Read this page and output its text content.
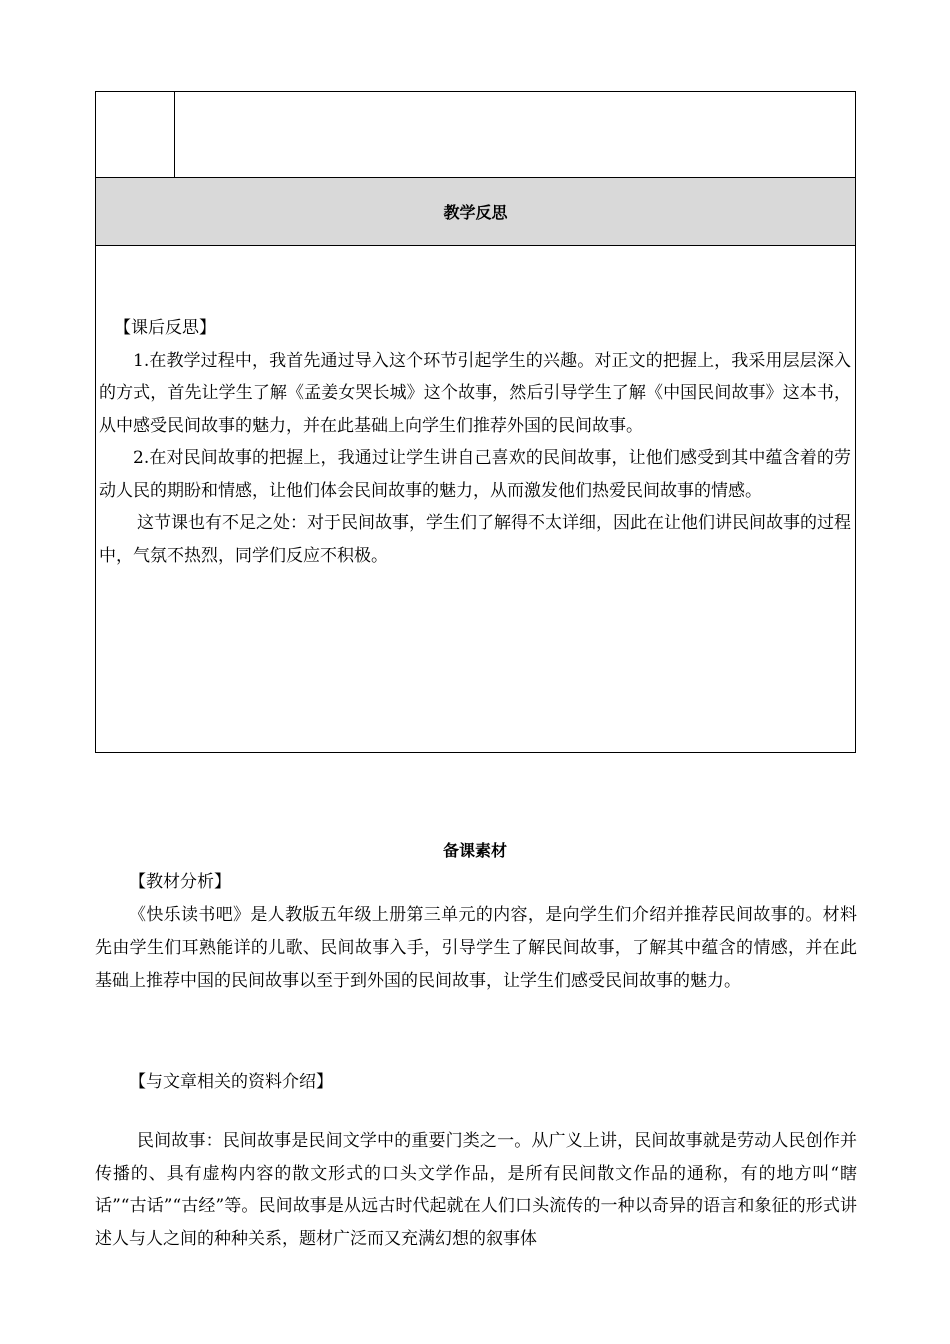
教学反思

【课后反思】

1.在教学过程中，我首先通过导入这个环节引起学生的兴趣。对正文的把握上，我采用层层深入的方式，首先让学生了解《孟姜女哭长城》这个故事，然后引导学生了解《中国民间故事》这本书，从中感受民间故事的魅力，并在此基础上向学生们推荐外国的民间故事。

2.在对民间故事的把握上，我通过让学生讲自己喜欢的民间故事，让他们感受到其中蕴含着的劳动人民的期盼和情感，让他们体会民间故事的魅力，从而激发他们热爱民间故事的情感。

这节课也有不足之处：对于民间故事，学生们了解得不太详细，因此在让他们讲民间故事的过程中，气氛不热烈，同学们反应不积极。

备课素材

【教材分析】

《快乐读书吧》是人教版五年级上册第三单元的内容，是向学生们介绍并推荐民间故事的。材料先由学生们耳熟能详的儿歌、民间故事入手，引导学生了解民间故事，了解其中蕴含的情感，并在此基础上推荐中国的民间故事以至于到外国的民间故事，让学生们感受民间故事的魅力。

【与文章相关的资料介绍】

民间故事：民间故事是民间文学中的重要门类之一。从广义上讲，民间故事就是劳动人民创作并传播的、具有虚构内容的散文形式的口头文学作品，是所有民间散文作品的通称，有的地方叫“瞎话”“古话”“古经”等。民间故事是从远古时代起就在人们口头流传的一种以奇异的语言和象征的形式讲述人与人之间的种种关系，题材广泛而又充满幻想的叙事体
